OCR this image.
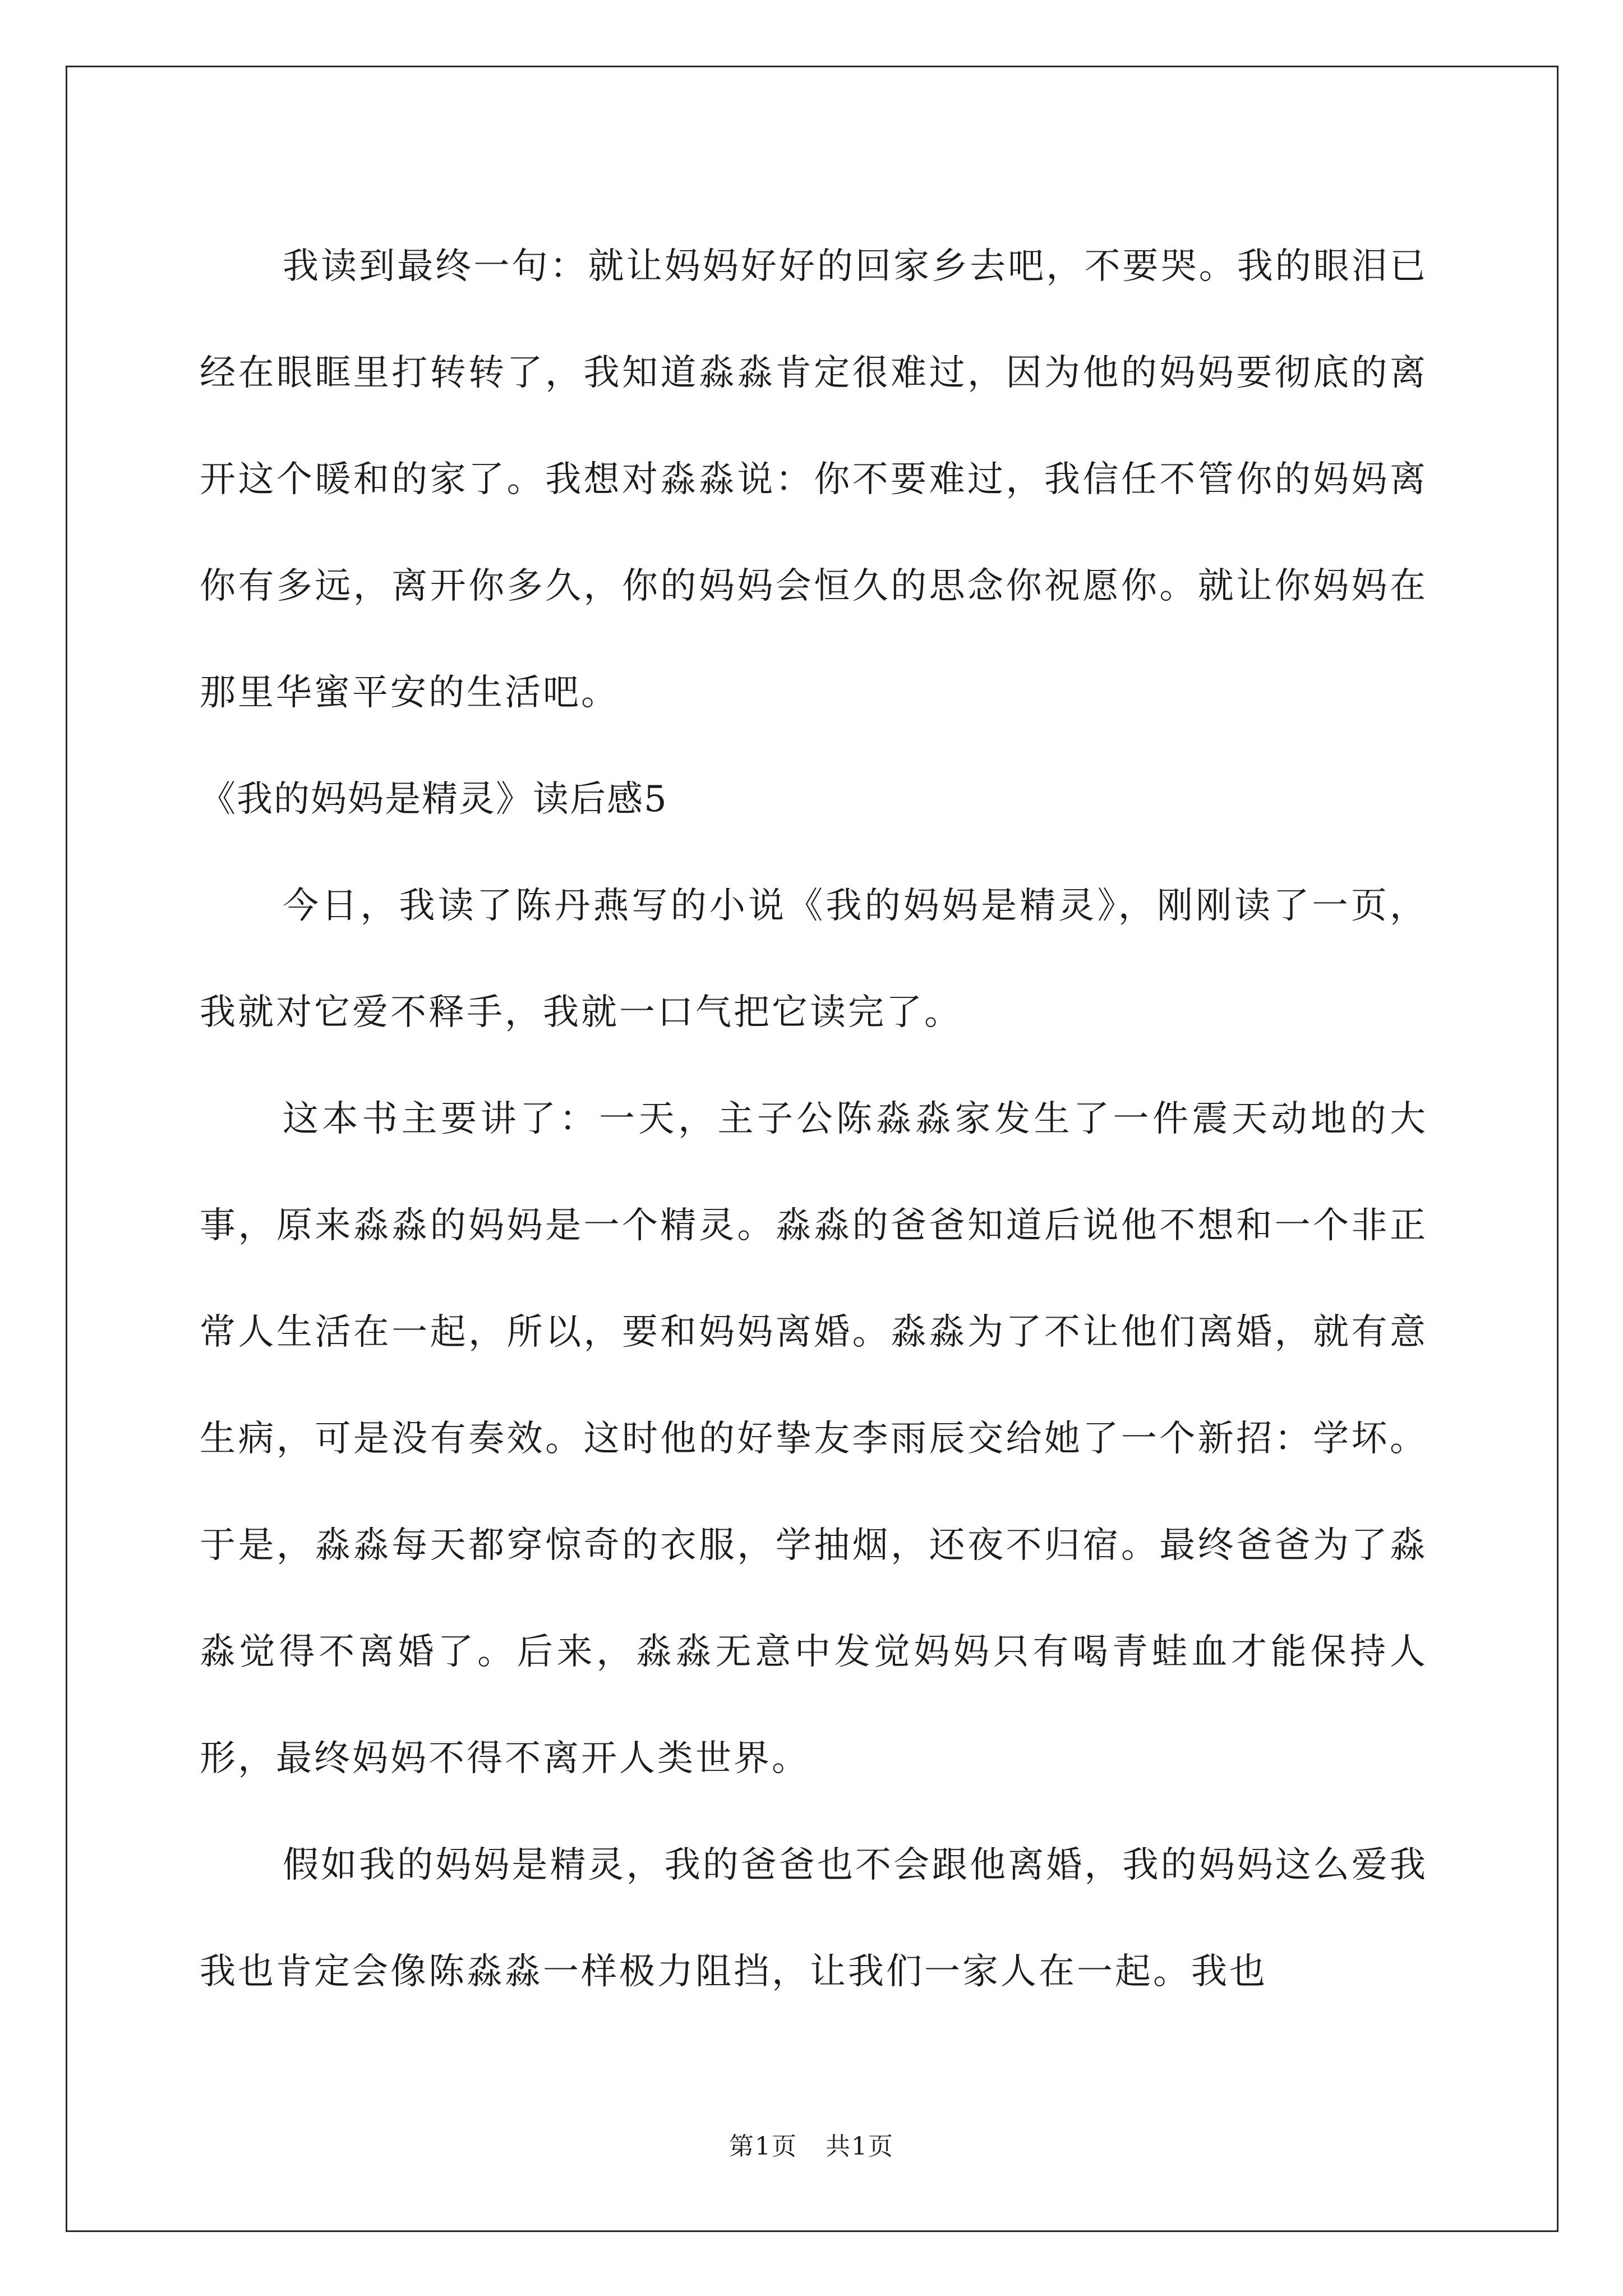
我读到最终一句：就让妈妈好好的回家乡去吧，不要哭。我的眼泪已经在眼眶里打转转了，我知道淼淼肯定很难过，因为他的妈妈要彻底的离开这个暖和的家了。我想对淼淼说：你不要难过，我信任不管你的妈妈离你有多远，离开你多久，你的妈妈会恒久的思念你祝愿你。就让你妈妈在那里华蜜平安的生活吧。

《我的妈妈是精灵》读后感5

今日，我读了陈丹燕写的小说《我的妈妈是精灵》，刚刚读了一页，我就对它爱不释手，我就一口气把它读完了。

这本书主要讲了：一天，主子公陈淼淼家发生了一件震天动地的大事，原来淼淼的妈妈是一个精灵。淼淼的爸爸知道后说他不想和一个非正常人生活在一起，所以，要和妈妈离婚。淼淼为了不让他们离婚，就有意生病，可是没有奏效。这时他的好挚友李雨辰交给她了一个新招：学坏。于是，淼淼每天都穿惊奇的衣服，学抽烟，还夜不归宿。最终爸爸为了淼淼觉得不离婚了。后来，淼淼无意中发觉妈妈只有喝青蛙血才能保持人形，最终妈妈不得不离开人类世界。

假如我的妈妈是精灵，我的爸爸也不会跟他离婚，我的妈妈这么爱我我也肯定会像陈淼淼一样极力阻挡，让我们一家人在一起。我也

第1页 共1页
